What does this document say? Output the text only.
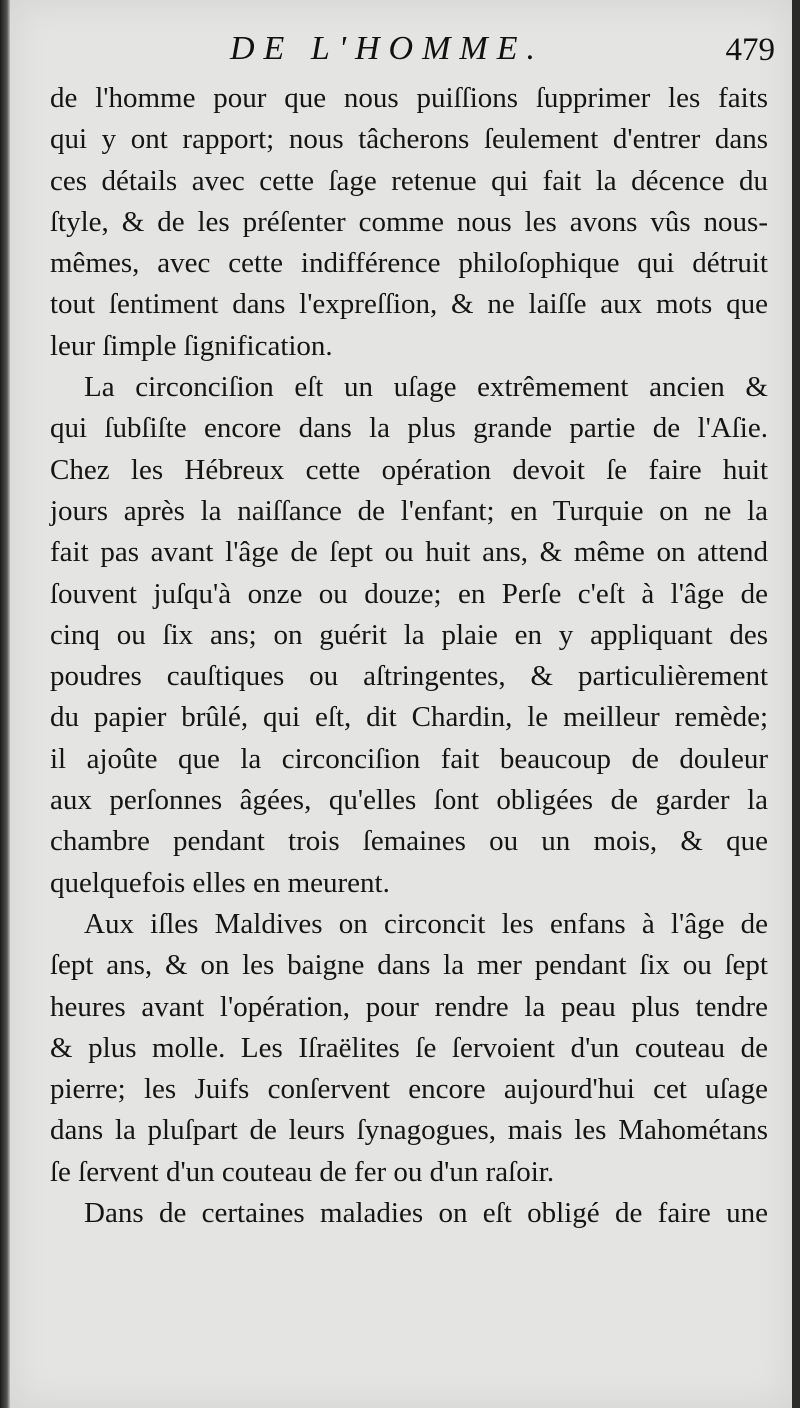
DE L'HOMME.	479
de l'homme pour que nous puiſſions ſupprimer les faits
qui y ont rapport; nous tâcherons ſeulement d'entrer dans
ces détails avec cette ſage retenue qui fait la décence du
ſtyle, & de les préſenter comme nous les avons vûs nous-
mêmes, avec cette indifférence philoſophique qui détruit
tout ſentiment dans l'expreſſion, & ne laiſſe aux mots que
leur ſimple ſignification.
La circonciſion eſt un uſage extrêmement ancien &
qui ſubſiſte encore dans la plus grande partie de l'Aſie.
Chez les Hébreux cette opération devoit ſe faire huit
jours après la naiſſance de l'enfant; en Turquie on ne la
fait pas avant l'âge de ſept ou huit ans, & même on attend
ſouvent juſqu'à onze ou douze; en Perſe c'eſt à l'âge de
cinq ou ſix ans; on guérit la plaie en y appliquant des
poudres cauſtiques ou aſtringentes, & particulièrement
du papier brûlé, qui eſt, dit Chardin, le meilleur remède;
il ajoûte que la circonciſion fait beaucoup de douleur
aux perſonnes âgées, qu'elles ſont obligées de garder la
chambre pendant trois ſemaines ou un mois, & que
quelquefois elles en meurent.
Aux iſles Maldives on circoncit les enfans à l'âge de
ſept ans, & on les baigne dans la mer pendant ſix ou ſept
heures avant l'opération, pour rendre la peau plus tendre
& plus molle. Les Iſraëlites ſe ſervoient d'un couteau de
pierre; les Juifs conſervent encore aujourd'hui cet uſage
dans la pluſpart de leurs ſynagogues, mais les Mahométans
ſe ſervent d'un couteau de fer ou d'un raſoir.
Dans de certaines maladies on eſt obligé de faire une
